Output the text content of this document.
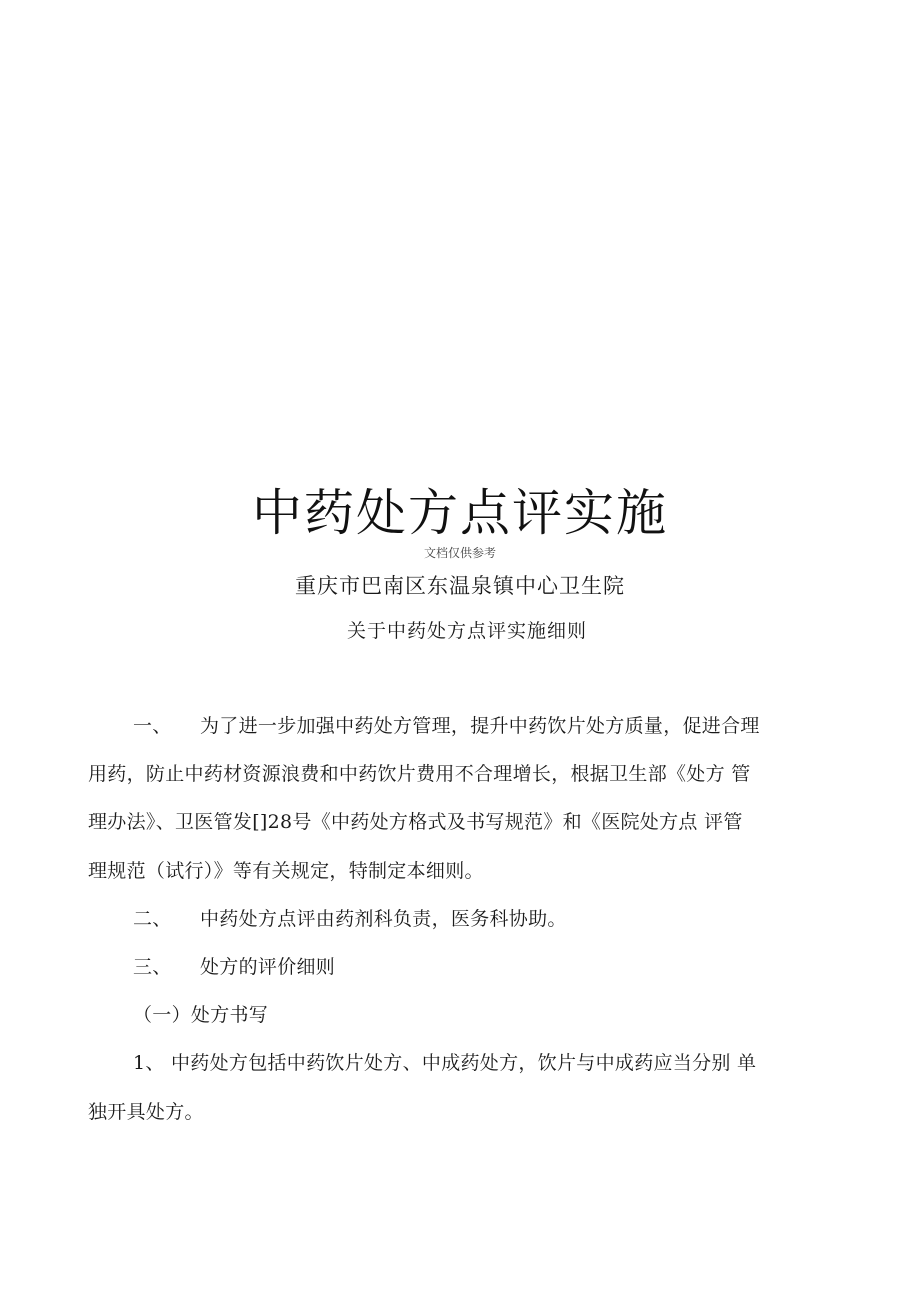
中药处方点评实施
文档仅供参考
重庆市巴南区东温泉镇中心卫生院
关于中药处方点评实施细则
一、 为了进一步加强中药处方管理，提升中药饮片处方质量，促进合理
用药，防止中药材资源浪费和中药饮片费用不合理增长，根据卫生部《处方 管
理办法》、卫医管发[]28号《中药处方格式及书写规范》和《医院处方点 评管
理规范（试行）》等有关规定，特制定本细则。
二、 中药处方点评由药剂科负责，医务科协助。
三、 处方的评价细则
（一）处方书写
1、 中药处方包括中药饮片处方、中成药处方，饮片与中成药应当分别 单
独开具处方。
